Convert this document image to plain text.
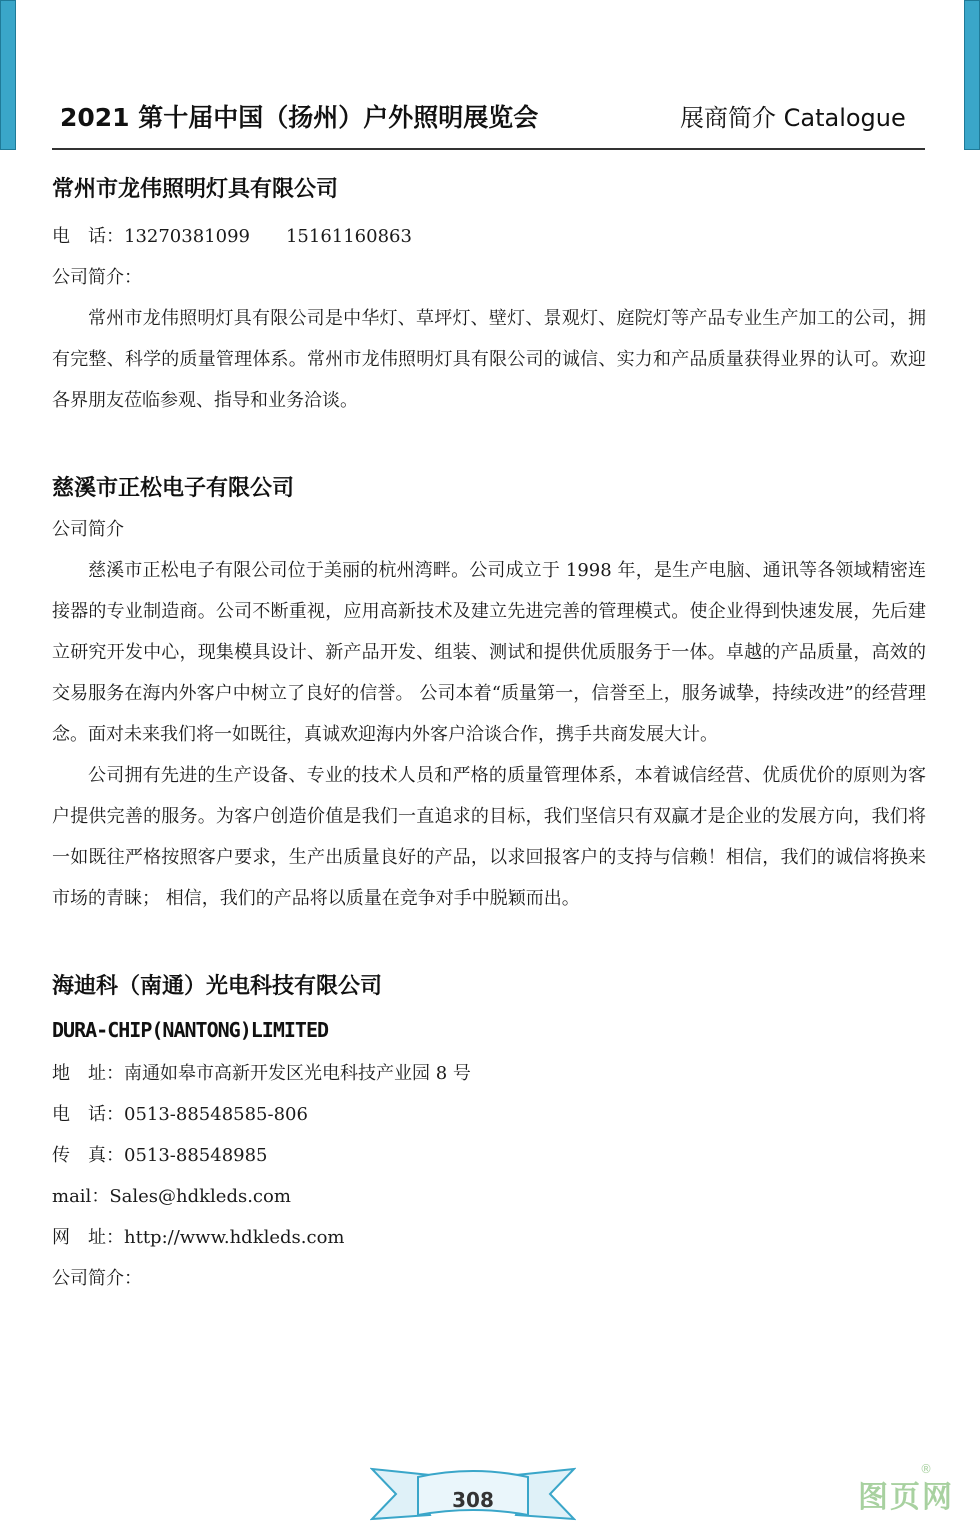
2021 第十届中国（扬州）户外照明展览会	展商简介 Catalogue

常州市龙伟照明灯具有限公司

电　话：13270381099　　15161160863

公司简介：

常州市龙伟照明灯具有限公司是中华灯、草坪灯、壁灯、景观灯、庭院灯等产品专业生产加工的公司，拥有完整、科学的质量管理体系。常州市龙伟照明灯具有限公司的诚信、实力和产品质量获得业界的认可。欢迎各界朋友莅临参观、指导和业务洽谈。

慈溪市正松电子有限公司

公司简介

慈溪市正松电子有限公司位于美丽的杭州湾畔。公司成立于 1998 年，是生产电脑、通讯等各领域精密连接器的专业制造商。公司不断重视，应用高新技术及建立先进完善的管理模式。使企业得到快速发展，先后建立研究开发中心，现集模具设计、新产品开发、组装、测试和提供优质服务于一体。卓越的产品质量，高效的交易服务在海内外客户中树立了良好的信誉。 公司本着“质量第一，信誉至上，服务诚挚，持续改进”的经营理念。面对未来我们将一如既往，真诚欢迎海内外客户洽谈合作，携手共商发展大计。

公司拥有先进的生产设备、专业的技术人员和严格的质量管理体系，本着诚信经营、优质优价的原则为客户提供完善的服务。为客户创造价值是我们一直追求的目标，我们坚信只有双赢才是企业的发展方向，我们将一如既往严格按照客户要求，生产出质量良好的产品，以求回报客户的支持与信赖！相信，我们的诚信将换来市场的青睐； 相信，我们的产品将以质量在竞争对手中脱颖而出。

海迪科（南通）光电科技有限公司

DURA-CHIP(NANTONG)LIMITED

地　址：南通如皋市高新开发区光电科技产业园 8 号

电　话：0513-88548585-806

传　真：0513-88548985

mail：Sales@hdkleds.com

网　址：http://www.hdkleds.com

公司简介：

308	图页网
®
